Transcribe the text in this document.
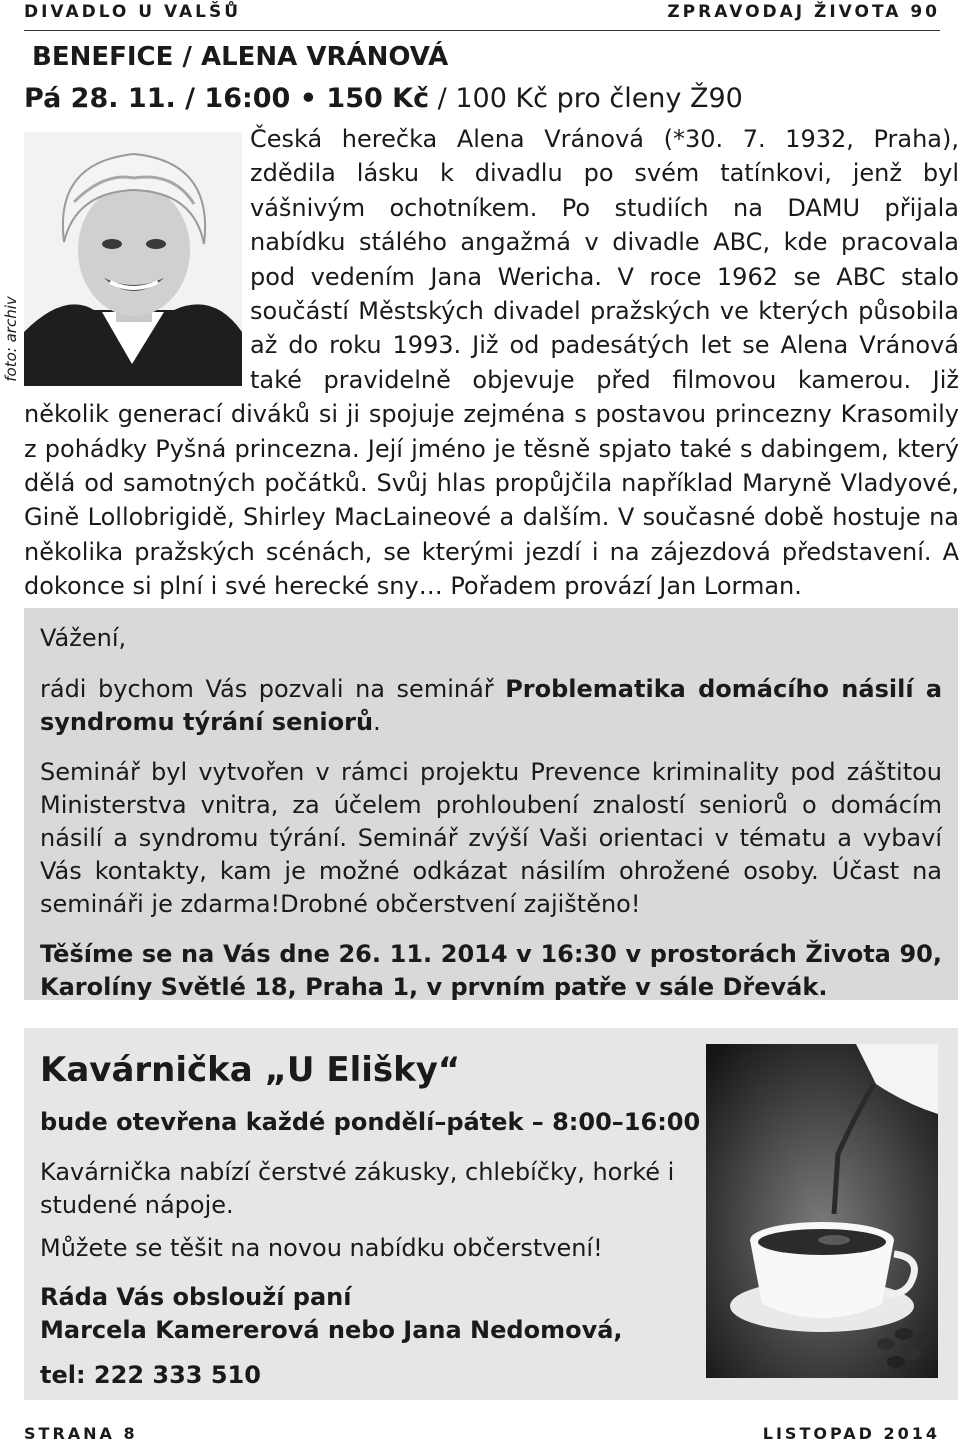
DIVADLO U VALŠŮ	ZPRAVODAJ ŽIVOTA 90
BENEFICE / ALENA VRÁNOVÁ
Pá 28. 11. / 16:00 • 150 Kč / 100 Kč pro členy Ž90
foto: archiv
Česká herečka Alena Vránová (*30. 7. 1932, Praha), zdědila lásku k divadlu po svém tatínkovi, jenž byl vášnivým ochotníkem. Po studiích na DAMU přijala nabídku stálého angažmá v divadle ABC, kde pracovala pod vedením Jana Wericha. V roce 1962 se ABC stalo součástí Městských divadel pražských ve kterých působila až do roku 1993. Již od padesátých let se Alena Vránová také pravidelně objevuje před filmovou kamerou. Již několik generací diváků si ji spojuje zejména s postavou princezny Krasomily z pohádky Pyšná princezna. Její jméno je těsně spjato také s dabingem, který dělá od samotných počátků. Svůj hlas propůjčila například Maryně Vladyové, Gině Lollobrigidě, Shirley MacLaineové a dalším. V současné době hostuje na několika pražských scénách, se kterými jezdí i na zájezdová představení. A dokonce si plní i své herecké sny… Pořadem provází Jan Lorman.

Vážení,

rádi bychom Vás pozvali na seminář Problematika domácího násilí a syndromu týrání seniorů.

Seminář byl vytvořen v rámci projektu Prevence kriminality pod záštitou Ministerstva vnitra, za účelem prohloubení znalostí seniorů o domácím násilí a syndromu týrání. Seminář zvýší Vaši orientaci v tématu a vybaví Vás kontakty, kam je možné odkázat násilím ohrožené osoby. Účast na semináři je zdarma!Drobné občerstvení zajištěno!

Těšíme se na Vás dne 26. 11. 2014 v 16:30 v prostorách Života 90, Karolíny Světlé 18, Praha 1, v prvním patře v sále Dřevák.

Kavárnička „U Elišky“
bude otevřena každé pondělí–pátek – 8:00–16:00

Kavárnička nabízí čerstvé zákusky, chlebíčky, horké i studené nápoje.

Můžete se těšit na novou nabídku občerstvení!

Ráda Vás obslouží paní
Marcela Kamererová nebo Jana Nedomová,

tel: 222 333 510

STRANA 8	LISTOPAD 2014
